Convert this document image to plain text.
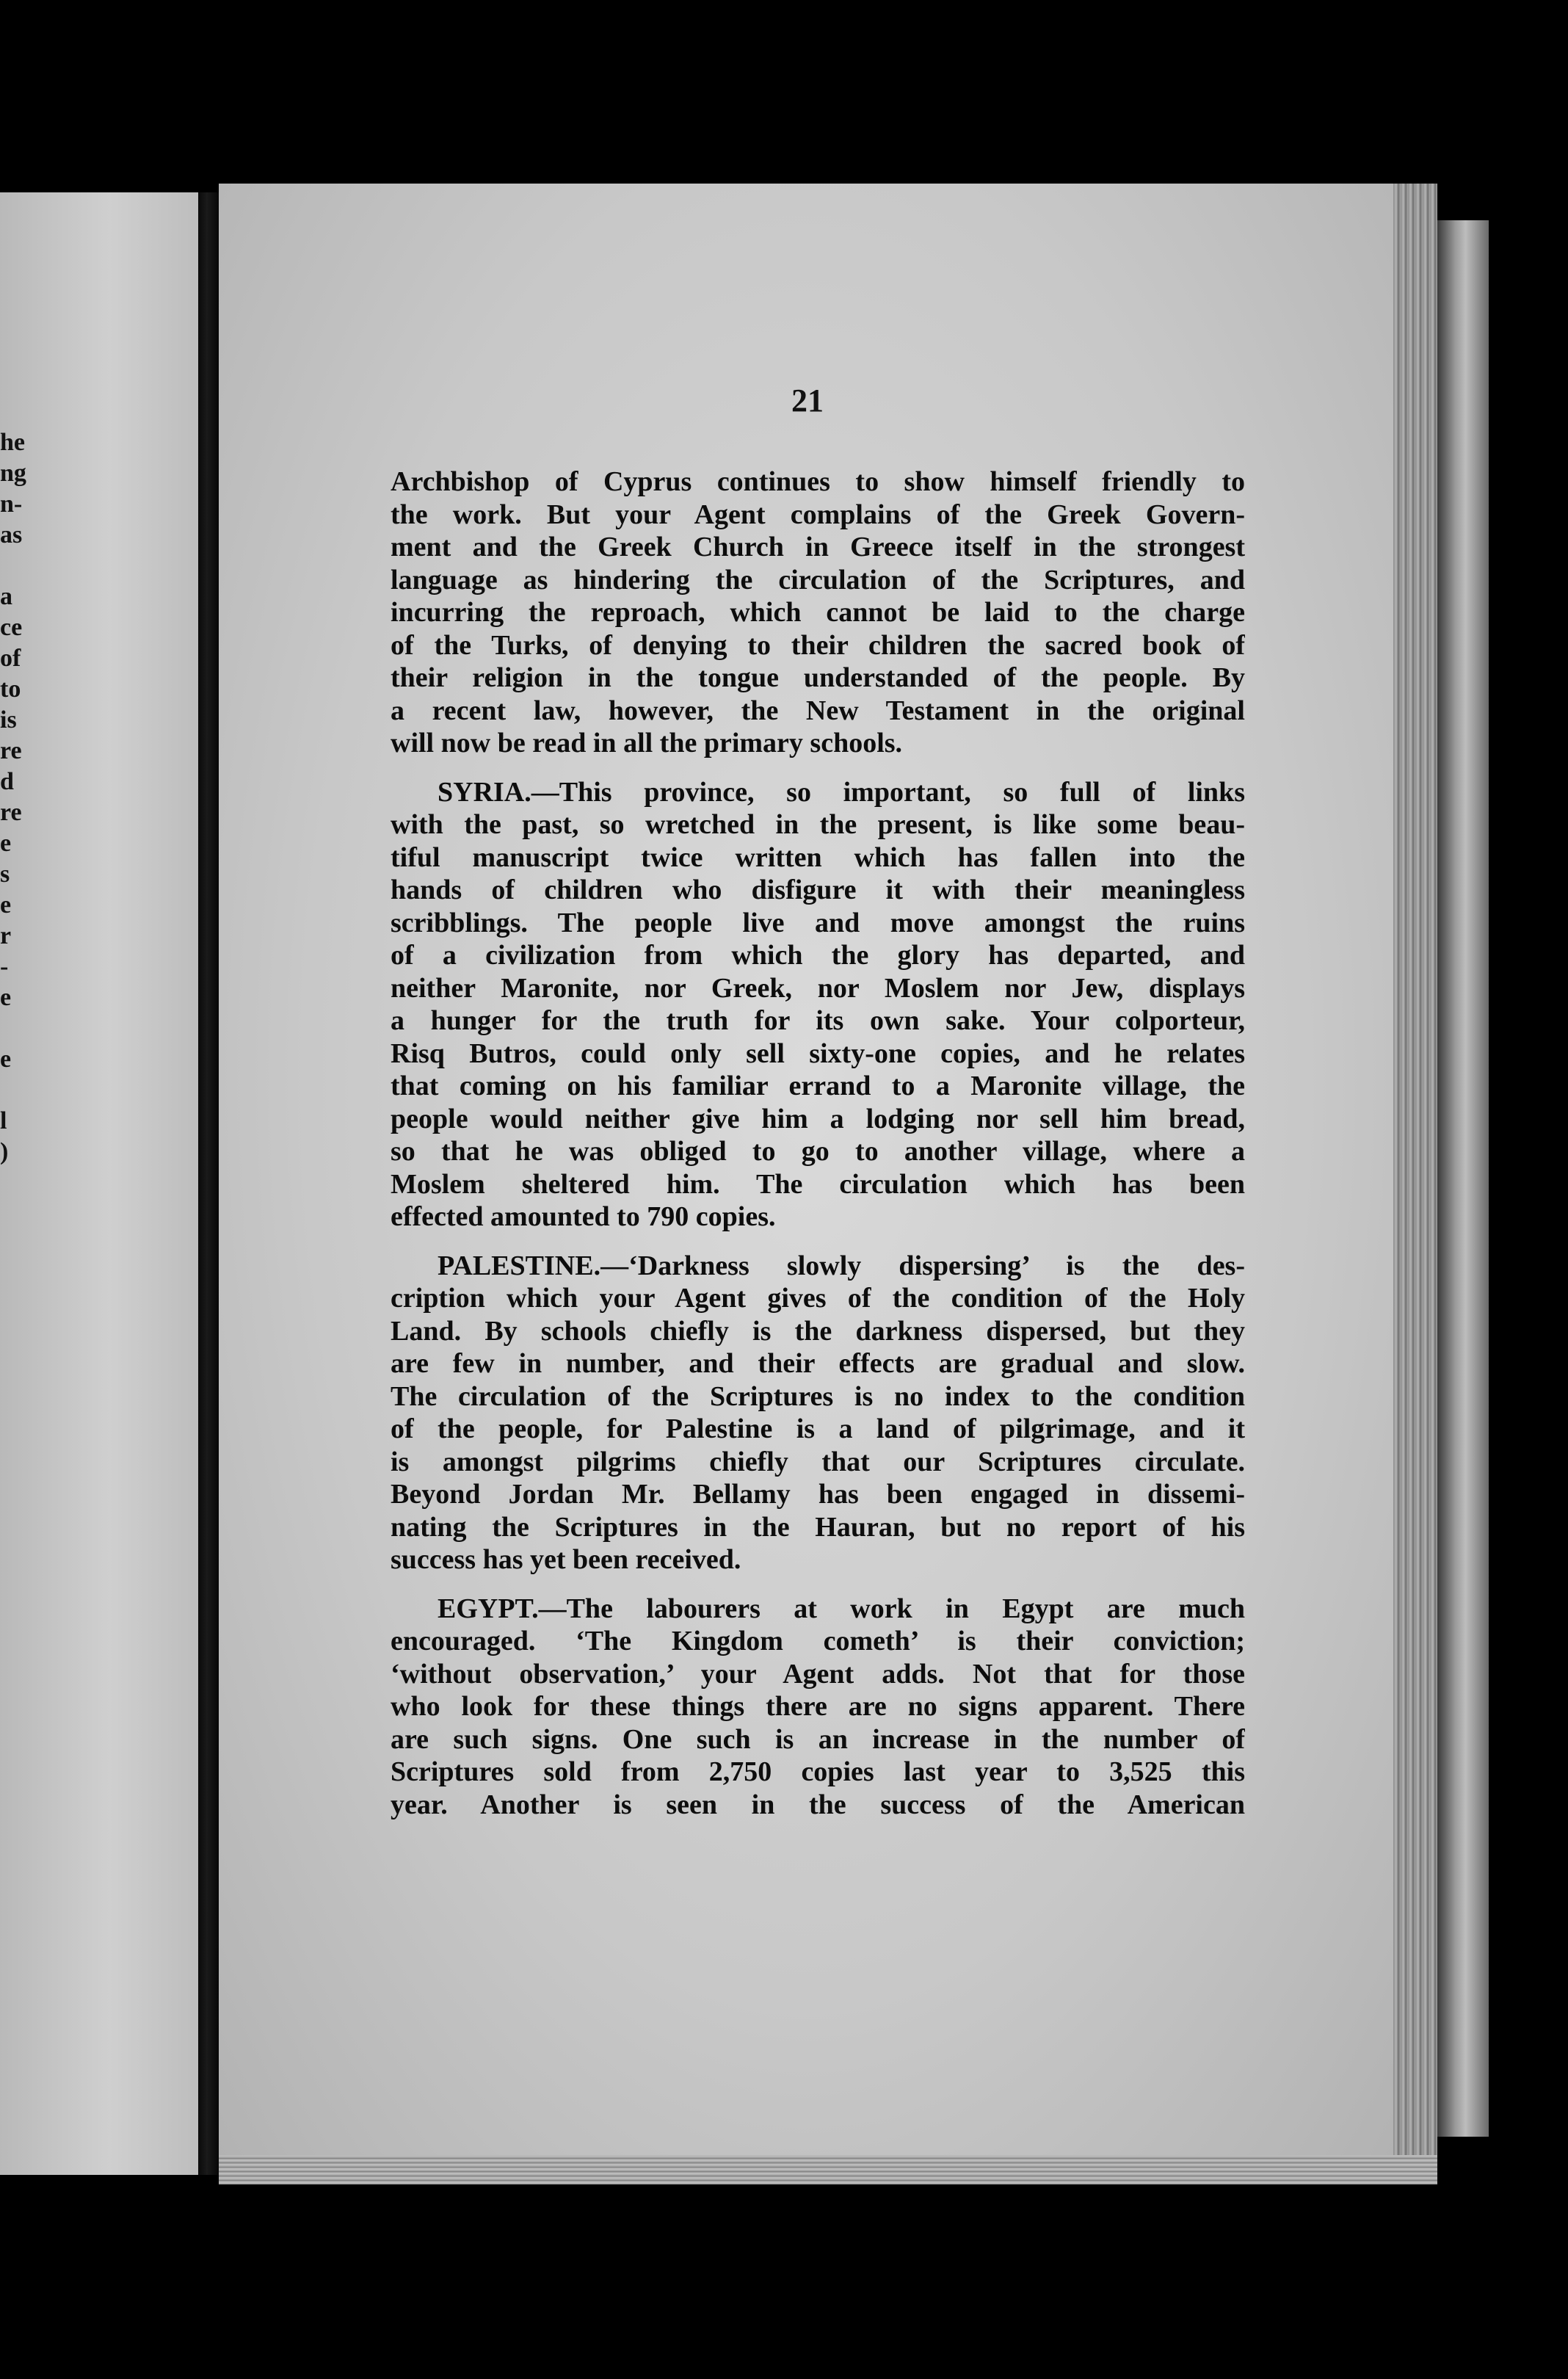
he
ng
n-
as
a
ce
of
to
is
re
d
re
e
s
e
r
-
e
e
l
)
21
Archbishop of Cyprus continues to show himself friendly to
the work. But your Agent complains of the Greek Govern-
ment and the Greek Church in Greece itself in the strongest
language as hindering the circulation of the Scriptures, and
incurring the reproach, which cannot be laid to the charge
of the Turks, of denying to their children the sacred book of
their religion in the tongue understanded of the people. By
a recent law, however, the New Testament in the original
will now be read in all the primary schools.
SYRIA.—This province, so important, so full of links
with the past, so wretched in the present, is like some beau-
tiful manuscript twice written which has fallen into the
hands of children who disfigure it with their meaningless
scribblings. The people live and move amongst the ruins
of a civilization from which the glory has departed, and
neither Maronite, nor Greek, nor Moslem nor Jew, displays
a hunger for the truth for its own sake. Your colporteur,
Risq Butros, could only sell sixty-one copies, and he relates
that coming on his familiar errand to a Maronite village, the
people would neither give him a lodging nor sell him bread,
so that he was obliged to go to another village, where a
Moslem sheltered him. The circulation which has been
effected amounted to 790 copies.
PALESTINE.—‘Darkness slowly dispersing’ is the des-
cription which your Agent gives of the condition of the Holy
Land. By schools chiefly is the darkness dispersed, but they
are few in number, and their effects are gradual and slow.
The circulation of the Scriptures is no index to the condition
of the people, for Palestine is a land of pilgrimage, and it
is amongst pilgrims chiefly that our Scriptures circulate.
Beyond Jordan Mr. Bellamy has been engaged in dissemi-
nating the Scriptures in the Hauran, but no report of his
success has yet been received.
EGYPT.—The labourers at work in Egypt are much
encouraged. ‘The Kingdom cometh’ is their conviction;
‘without observation,’ your Agent adds. Not that for those
who look for these things there are no signs apparent. There
are such signs. One such is an increase in the number of
Scriptures sold from 2,750 copies last year to 3,525 this
year. Another is seen in the success of the American
